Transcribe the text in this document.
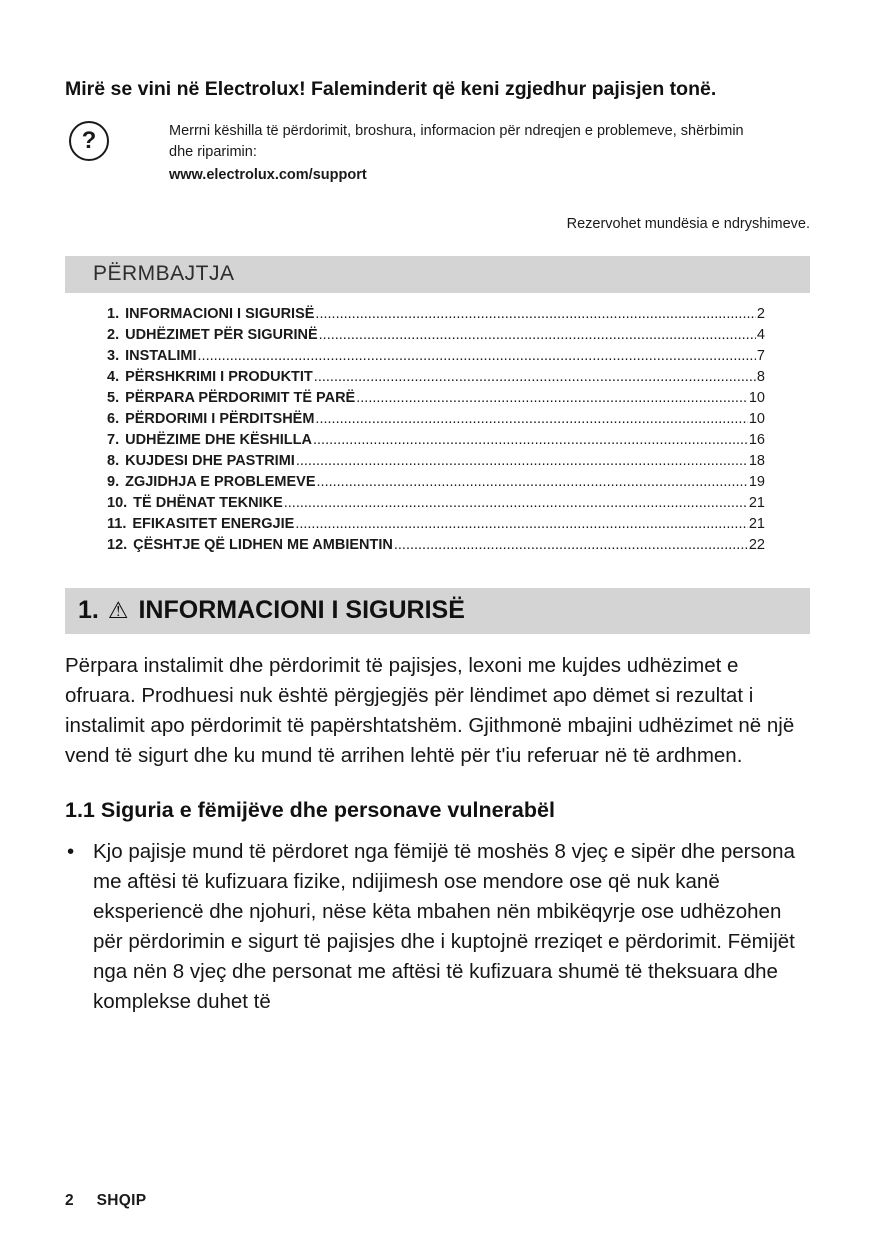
Mirë se vini në Electrolux! Faleminderit që keni zgjedhur pajisjen tonë.
?	Merrni këshilla të përdorimit, broshura, informacion për ndreqjen e problemeve, shërbimin dhe riparimin:
www.electrolux.com/support
Rezervohet mundësia e ndryshimeve.
PËRMBAJTJA
1. INFORMACIONI I SIGURISË .....	2
2. UDHËZIMET PËR SIGURINË .....	4
3. INSTALIMI .....	7
4. PËRSHKRIMI I PRODUKTIT .....	8
5. PËRPARA PËRDORIMIT TË PARË .....	10
6. PËRDORIMI I PËRDITSHËM .....	10
7. UDHËZIME DHE KËSHILLA .....	16
8. KUJDESI DHE PASTRIMI .....	18
9. ZGJIDHJA E PROBLEMEVE .....	19
10. TË DHËNAT TEKNIKE .....	21
11. EFIKASITET ENERGJIE .....	21
12. ÇËSHTJE QË LIDHEN ME AMBIENTIN .....	22
1. ⚠ INFORMACIONI I SIGURISË

Përpara instalimit dhe përdorimit të pajisjes, lexoni me kujdes udhëzimet e ofruara. Prodhuesi nuk është përgjegjës për lëndimet apo dëmet si rezultat i instalimit apo përdorimit të papërshtatshëm. Gjithmonë mbajini udhëzimet në një vend të sigurt dhe ku mund të arrihen lehtë për t'iu referuar në të ardhmen.

1.1 Siguria e fëmijëve dhe personave vulnerabël
•
Kjo pajisje mund të përdoret nga fëmijë të moshës 8 vjeç e sipër dhe persona me aftësi të kufizuara fizike, ndijimesh ose mendore ose që nuk kanë eksperiencë dhe njohuri, nëse këta mbahen nën mbikëqyrje ose udhëzohen për përdorimin e sigurt të pajisjes dhe i kuptojnë rreziqet e përdorimit. Fëmijët nga nën 8 vjeç dhe personat me aftësi të kufizuara shumë të theksuara dhe komplekse duhet të
2 SHQIP
